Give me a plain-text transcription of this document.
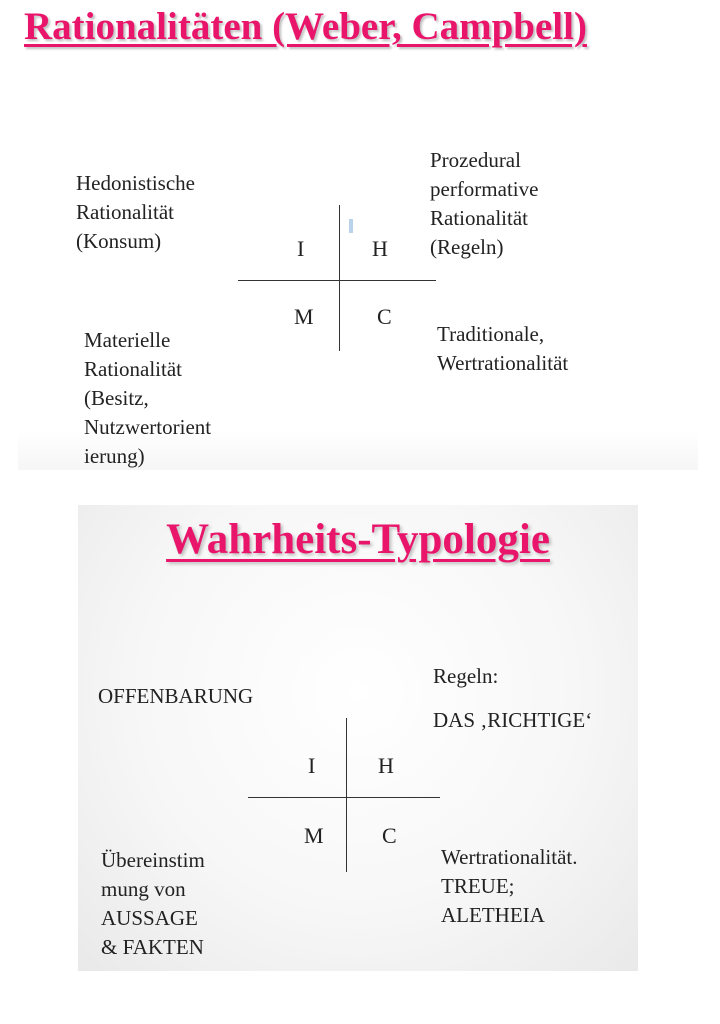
Rationalitäten (Weber, Campbell)
Hedonistische
Rationalität
(Konsum)
Prozedural
performative
Rationalität
(Regeln)
Materielle
Rationalität
(Besitz,
Nutzwertorient
ierung)
Traditionale,
Wertrationalität
I	H
M	C
Wahrheits-Typologie
OFFENBARUNG
Regeln:
DAS ‚RICHTIGE‘
Übereinstim
mung von
AUSSAGE
& FAKTEN
Wertrationalität.
TREUE;
ALETHEIA
I	H
M	C
